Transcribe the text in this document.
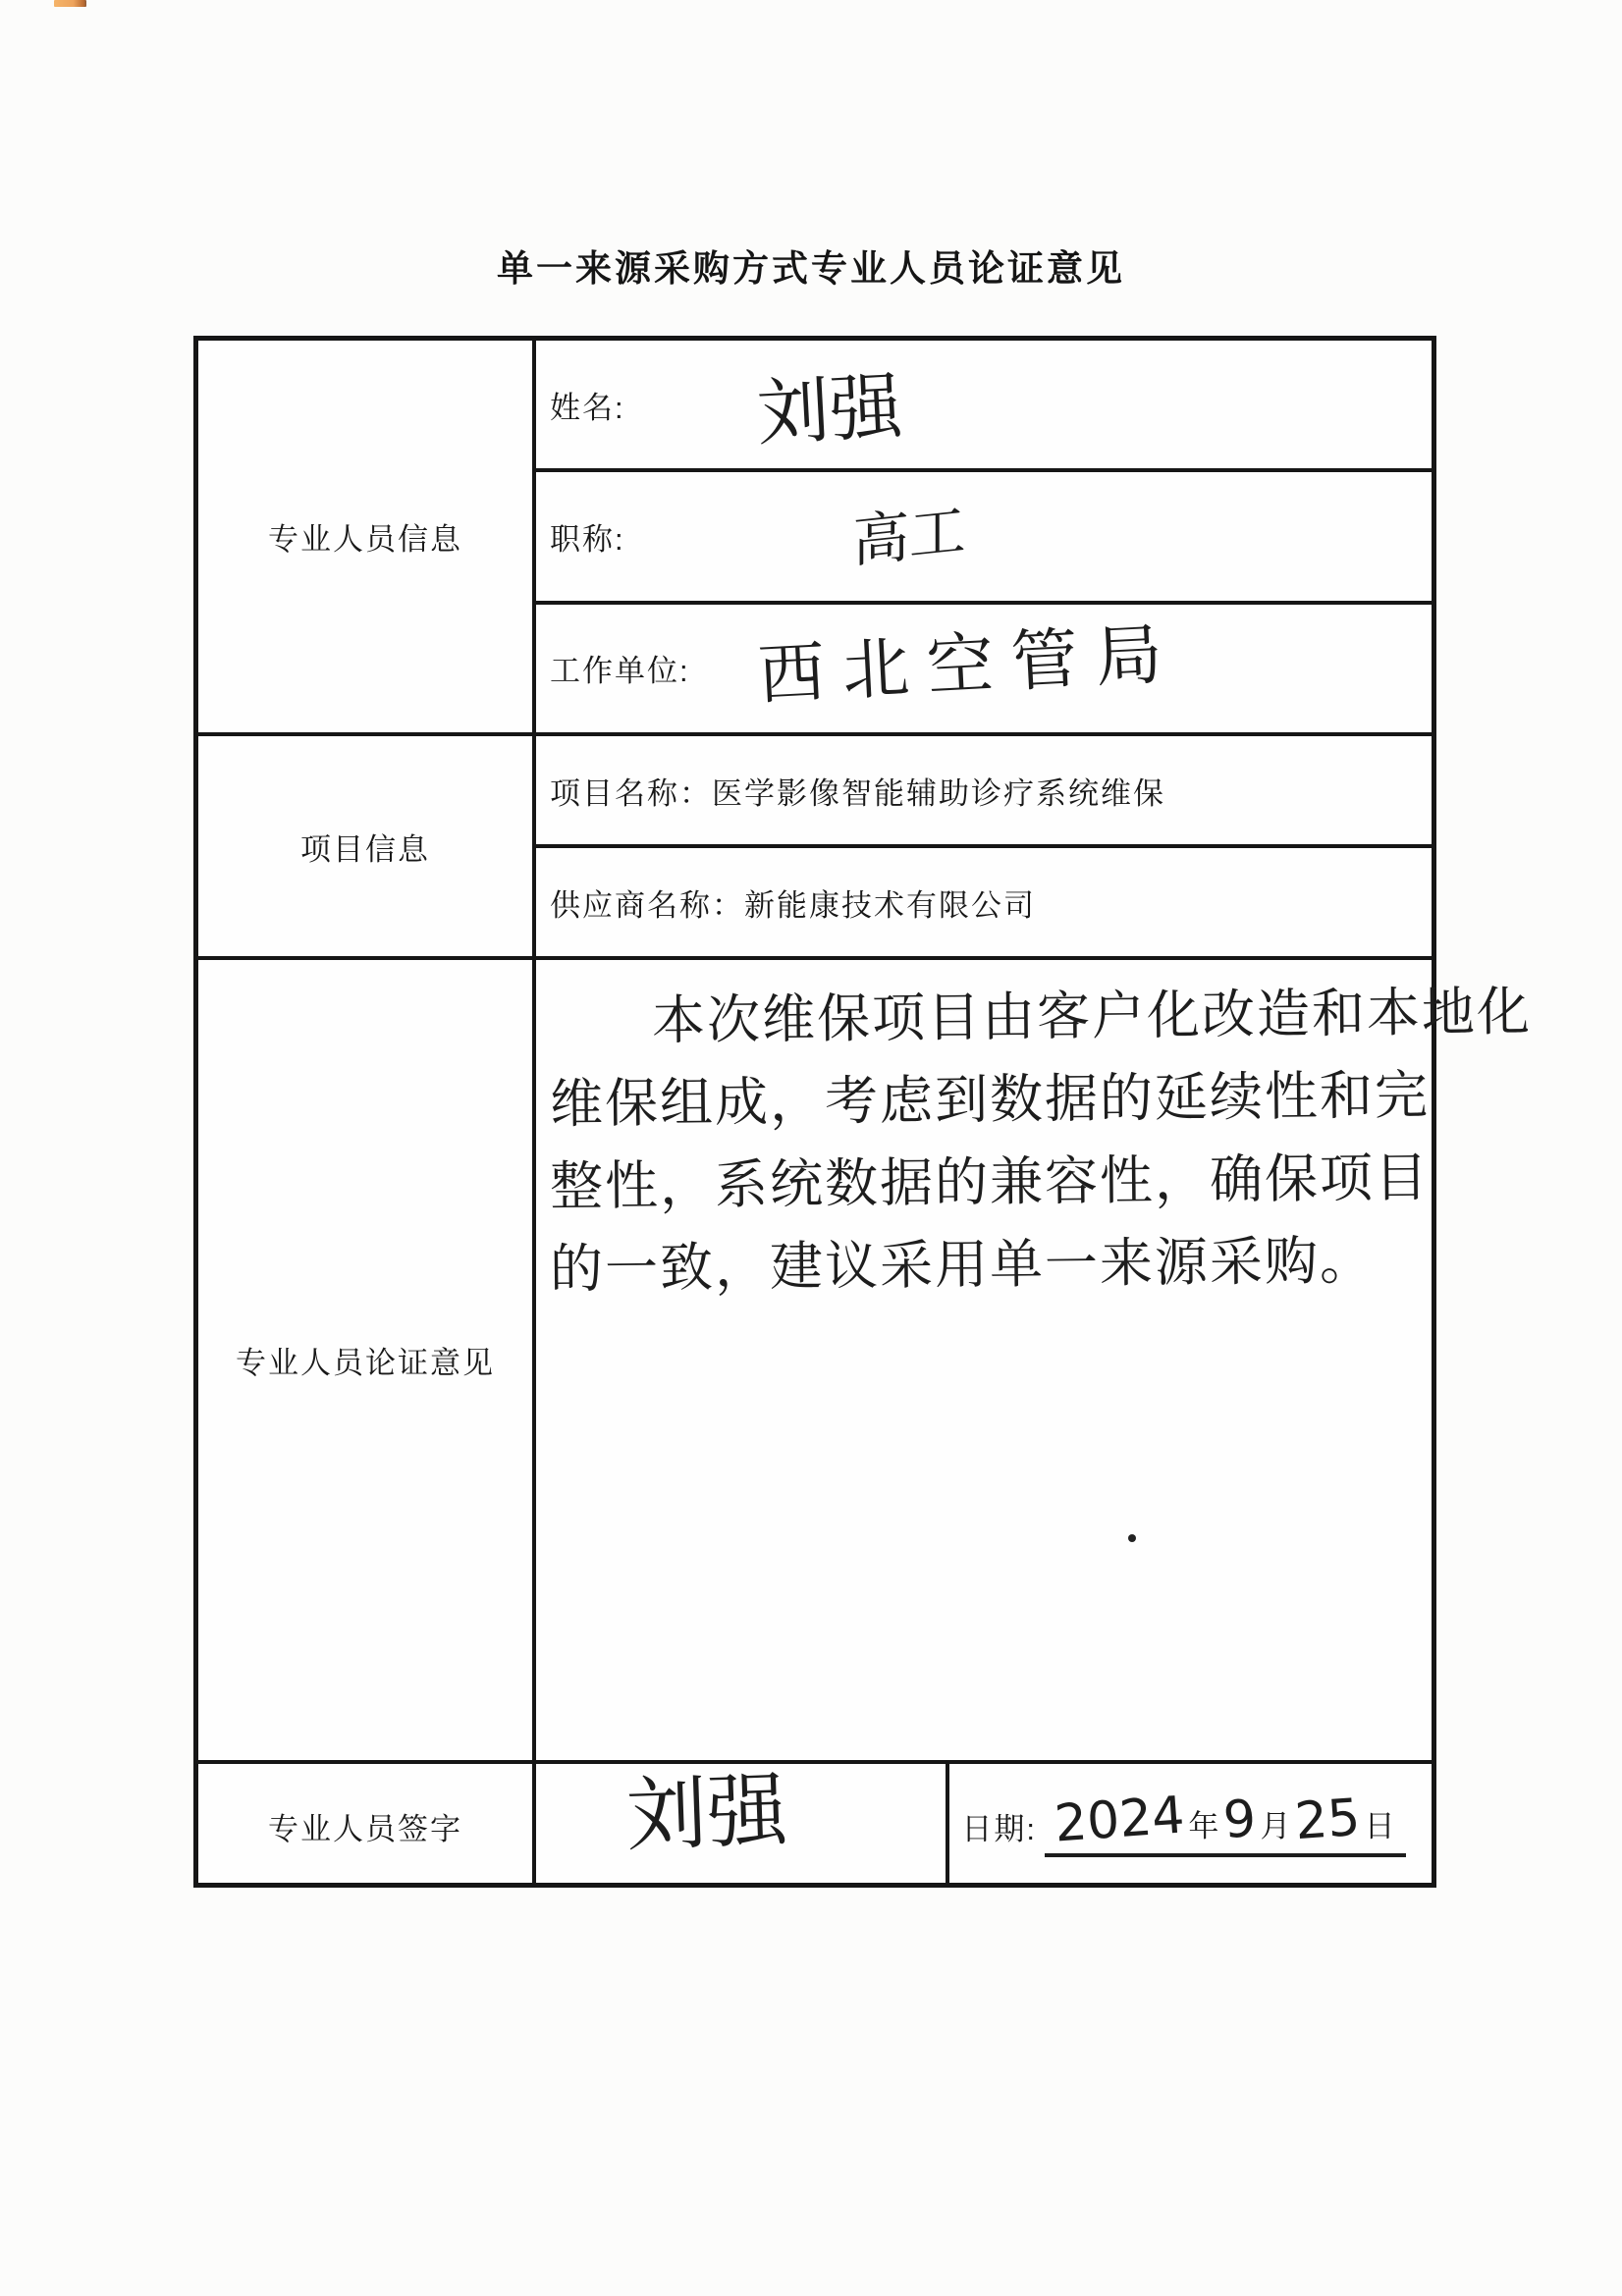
单一来源采购方式专业人员论证意见
专业人员信息
姓名: 刘强
职称:	高工
工作单位: 西北空管局
项目信息
项目名称： 医学影像智能辅助诊疗系统维保
供应商名称： 新能康技术有限公司
专业人员论证意见
本次维保项目由客户化改造和本地化
维保组成，考虑到数据的延续性和完
整性，系统数据的兼容性，确保项目
的一致，建议采用单一来源采购。
专业人员签字	刘强	日期: 2024 年 9 月 25 日
